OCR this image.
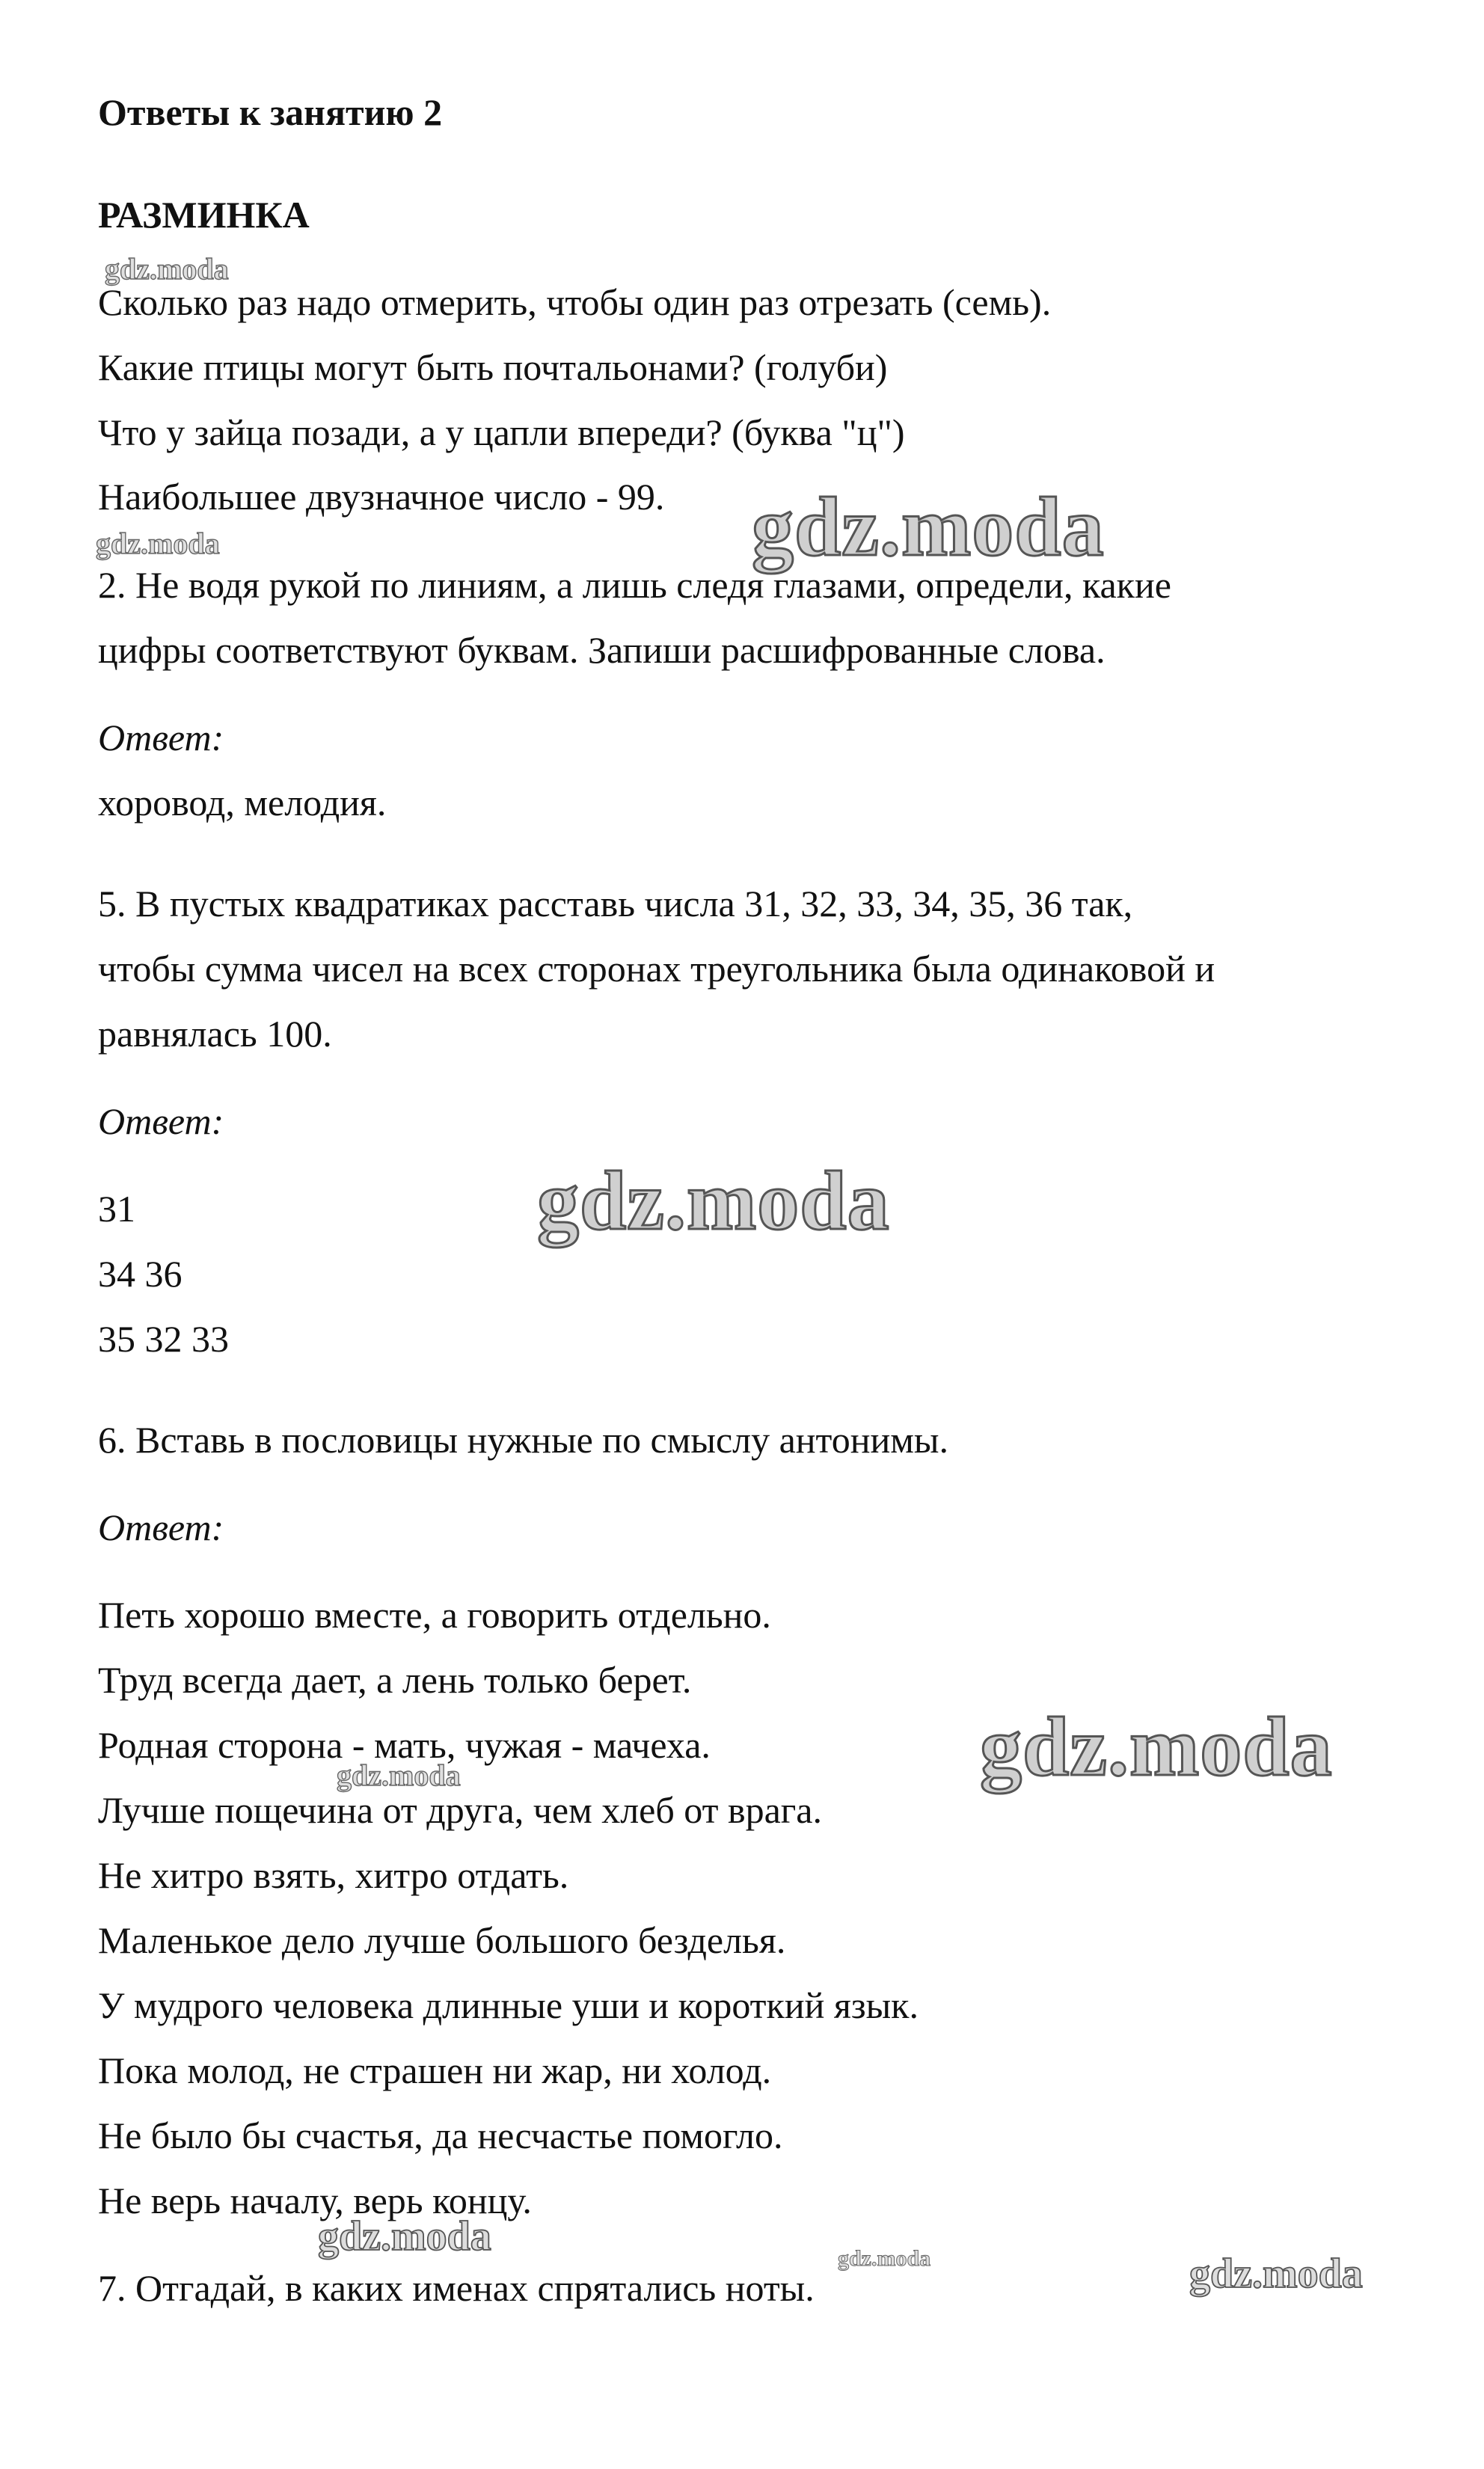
Ответы к занятию 2
РАЗМИНКА
Сколько раз надо отмерить, чтобы один раз отрезать (семь).
Какие птицы могут быть почтальонами? (голуби)
Что у зайца позади, а у цапли впереди? (буква "ц")
Наибольшее двузначное число - 99.
2. Не водя рукой по линиям, а лишь следя глазами, определи, какие
цифры соответствуют буквам. Запиши расшифрованные слова.
Ответ:
хоровод, мелодия.
5. В пустых квадратиках расставь числа 31, 32, 33, 34, 35, 36 так,
чтобы сумма чисел на всех сторонах треугольника была одинаковой и
равнялась 100.
Ответ:
31
34 36
35 32 33
6. Вставь в пословицы нужные по смыслу антонимы.
Ответ:
Петь хорошо вместе, а говорить отдельно.
Труд всегда дает, а лень только берет.
Родная сторона - мать, чужая - мачеха.
Лучше пощечина от друга, чем хлеб от врага.
Не хитро взять, хитро отдать.
Маленькое дело лучше большого безделья.
У мудрого человека длинные уши и короткий язык.
Пока молод, не страшен ни жар, ни холод.
Не было бы счастья, да несчастье помогло.
Не верь началу, верь концу.
7. Отгадай, в каких именах спрятались ноты.
gdz.moda
gdz.moda
gdz.moda
gdz.moda
gdz.moda
gdz.moda
gdz.moda	gdz.moda	gdz.moda
